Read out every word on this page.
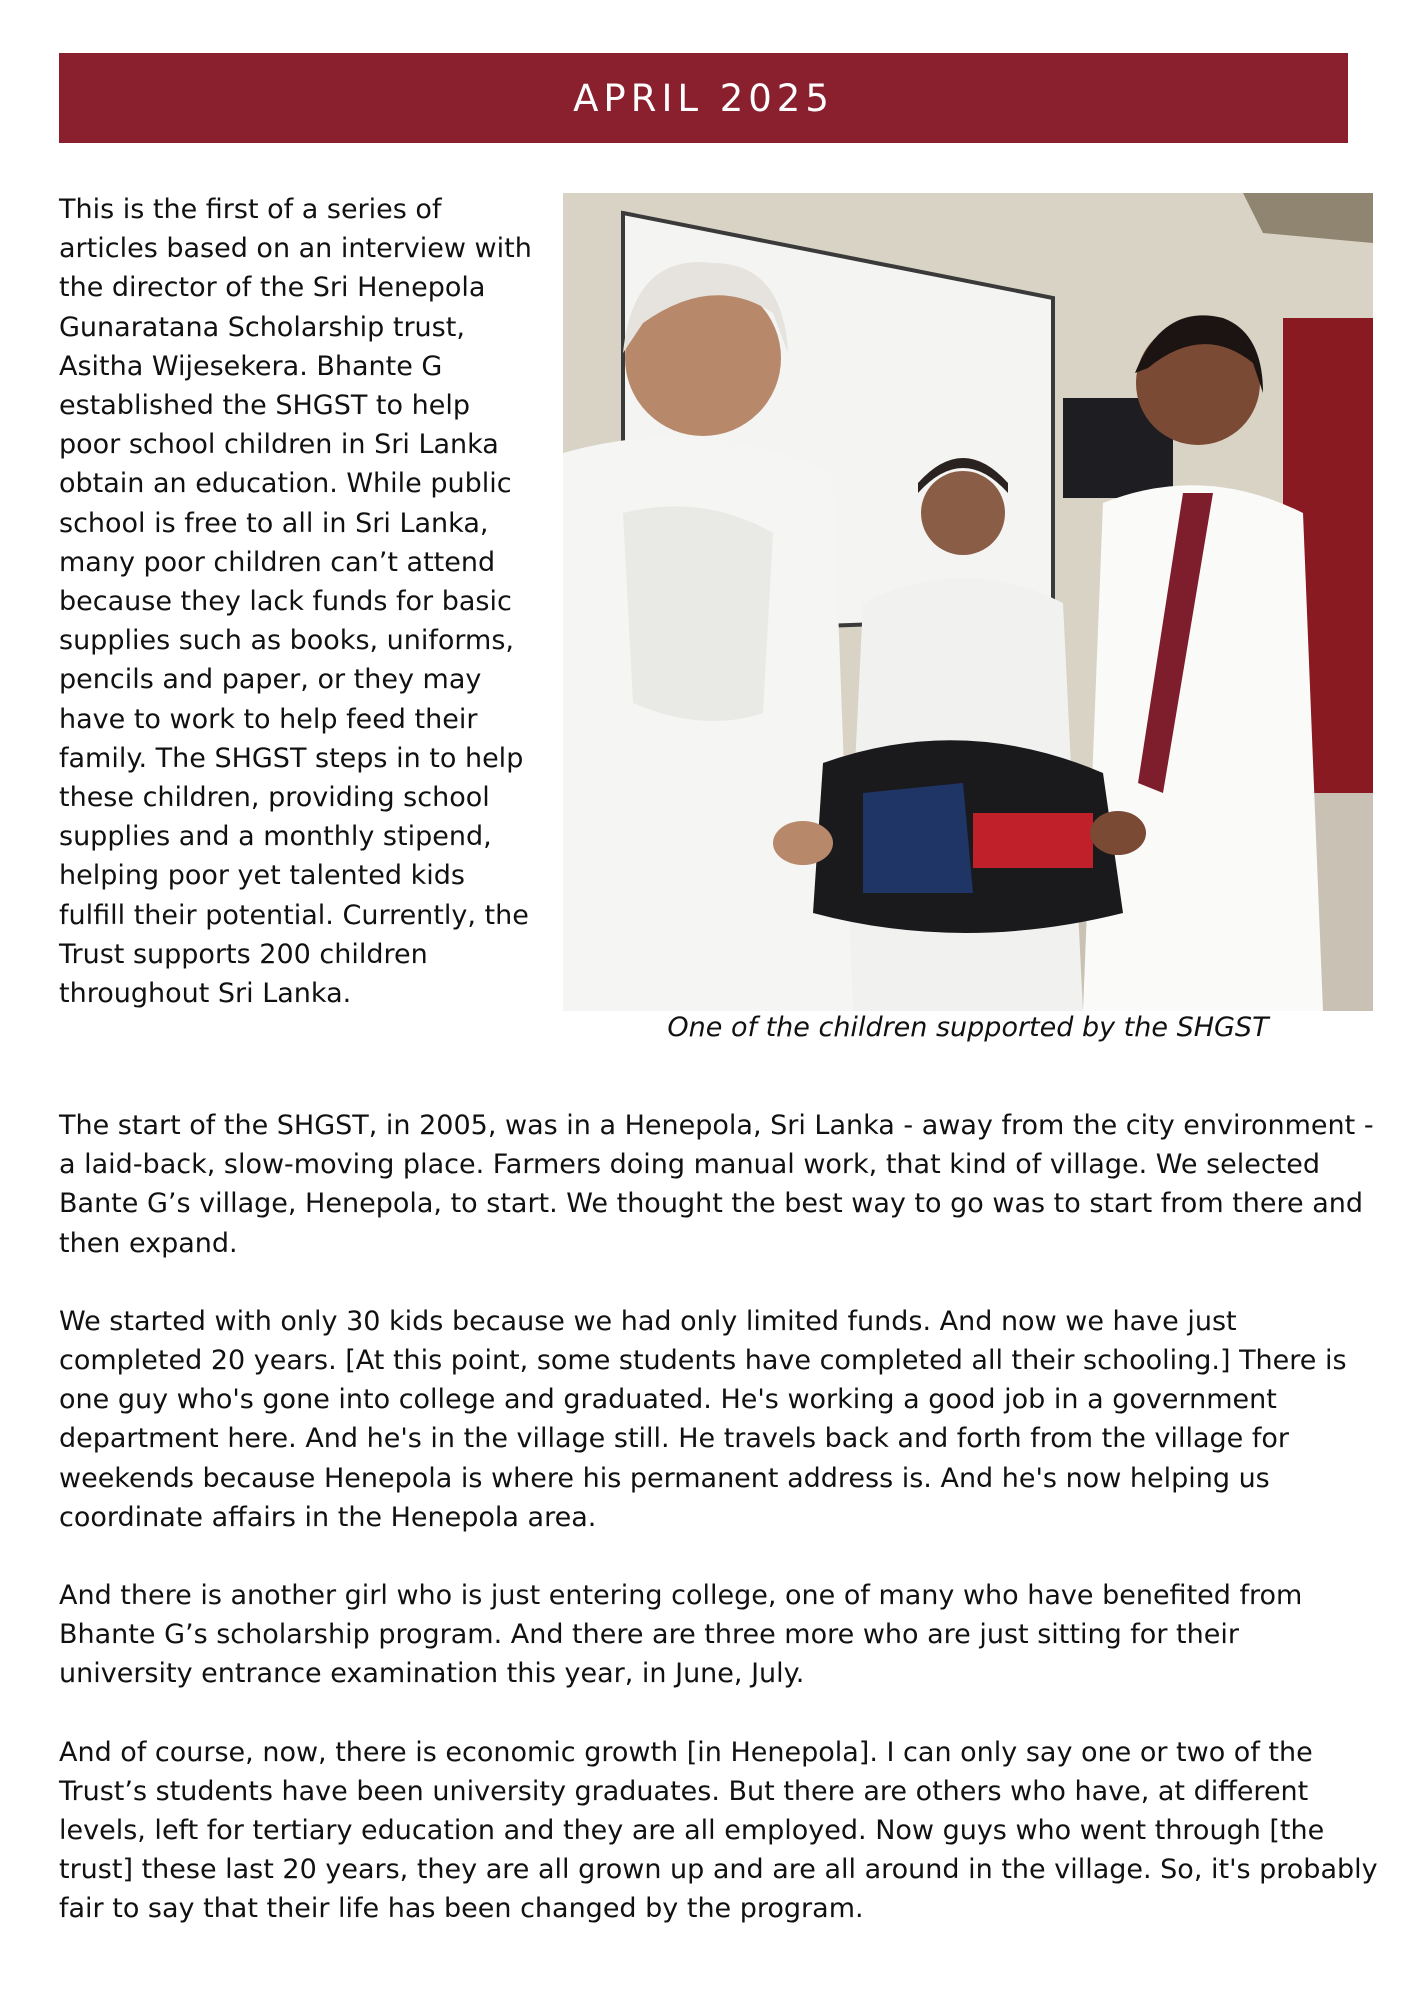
APRIL 2025

This is the first of a series of articles based on an interview with the director of the Sri Henepola Gunaratana Scholarship trust, Asitha Wijesekera. Bhante G established the SHGST to help poor school children in Sri Lanka obtain an education. While public school is free to all in Sri Lanka, many poor children can’t attend because they lack funds for basic supplies such as books, uniforms, pencils and paper, or they may have to work to help feed their family. The SHGST steps in to help these children, providing school supplies and a monthly stipend, helping poor yet talented kids fulfill their potential. Currently, the Trust supports 200 children throughout Sri Lanka.

One of the children supported by the SHGST

The start of the SHGST, in 2005, was in a Henepola, Sri Lanka - away from the city environment - a laid-back, slow-moving place. Farmers doing manual work, that kind of village. We selected Bante G’s village, Henepola, to start. We thought the best way to go was to start from there and then expand.

We started with only 30 kids because we had only limited funds. And now we have just completed 20 years. [At this point, some students have completed all their schooling.] There is one guy who's gone into college and graduated. He's working a good job in a government department here. And he's in the village still. He travels back and forth from the village for weekends because Henepola is where his permanent address is. And he's now helping us coordinate affairs in the Henepola area.

And there is another girl who is just entering college, one of many who have benefited from Bhante G’s scholarship program. And there are three more who are just sitting for their university entrance examination this year, in June, July.

And of course, now, there is economic growth [in Henepola]. I can only say one or two of the Trust’s students have been university graduates. But there are others who have, at different levels, left for tertiary education and they are all employed. Now guys who went through [the trust] these last 20 years, they are all grown up and are all around in the village. So, it's probably fair to say that their life has been changed by the program.
